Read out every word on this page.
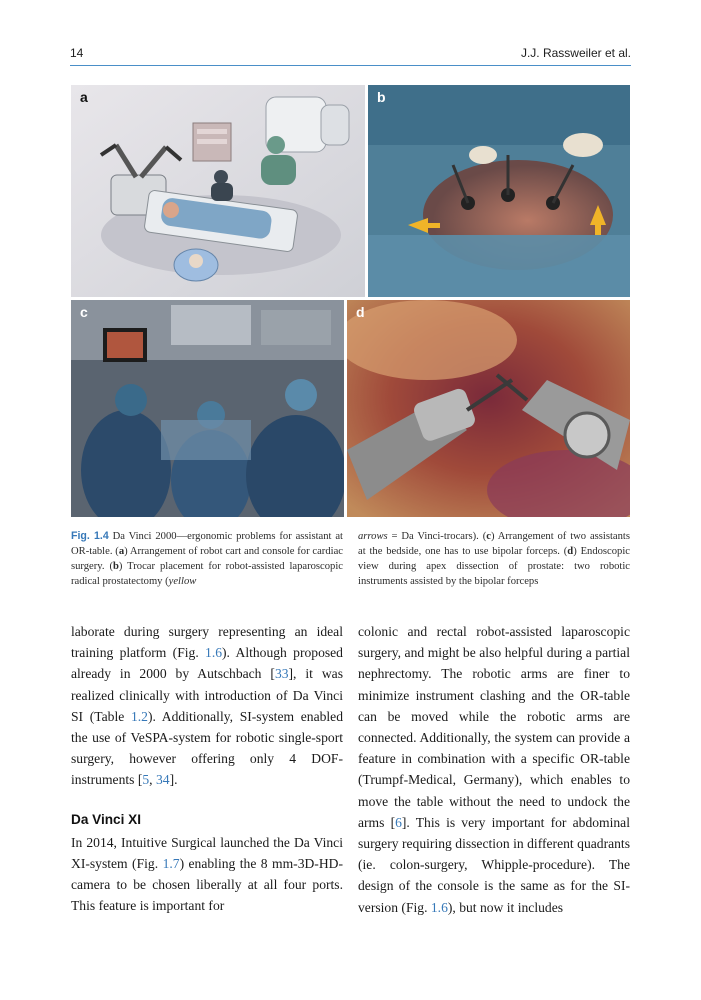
14	J.J. Rassweiler et al.
a	b
c	d
Fig. 1.4 Da Vinci 2000—ergonomic problems for assistant at OR-table. (a) Arrangement of robot cart and console for cardiac surgery. (b) Trocar placement for robot-assisted laparoscopic radical prostatectomy (yellow
arrows = Da Vinci-trocars). (c) Arrangement of two assistants at the bedside, one has to use bipolar forceps. (d) Endoscopic view during apex dissection of prostate: two robotic instruments assisted by the bipolar forceps

laborate during surgery representing an ideal training platform (Fig. 1.6). Although proposed already in 2000 by Autschbach [33], it was realized clinically with introduction of Da Vinci SI (Table 1.2). Additionally, SI-system enabled the use of VeSPA-system for robotic single-sport surgery, however offering only 4 DOF-instruments [5, 34].

Da Vinci XI

In 2014, Intuitive Surgical launched the Da Vinci XI-system (Fig. 1.7) enabling the 8 mm-3D-HD-camera to be chosen liberally at all four ports. This feature is important for

colonic and rectal robot-assisted laparoscopic surgery, and might be also helpful during a partial nephrectomy. The robotic arms are finer to minimize instrument clashing and the OR-table can be moved while the robotic arms are connected. Additionally, the system can provide a feature in combination with a specific OR-table (Trumpf-Medical, Germany), which enables to move the table without the need to undock the arms [6]. This is very important for abdominal surgery requiring dissection in different quadrants (ie. colon-surgery, Whipple-procedure). The design of the console is the same as for the SI-version (Fig. 1.6), but now it includes
